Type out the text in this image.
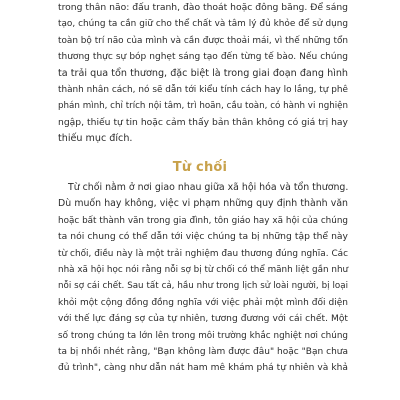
trong thân não: đấu tranh, đào thoát hoặc đông băng. Để sáng
tạo, chúng ta cần giữ cho thể chất và tâm lý đủ khỏe để sử dụng
toàn bộ trí não của mình và cần được thoải mái, vì thế những tổn
thương thực sự bóp nghẹt sáng tạo đến từng tế bào. Nếu chúng
ta trải qua tổn thương, đặc biệt là trong giai đoạn đang hình
thành nhân cách, nó sẽ dẫn tới kiểu tính cách hay lo lắng, tự phê
phán mình, chỉ trích nội tâm, trì hoãn, cầu toàn, có hành vi nghiện
ngập, thiếu tự tin hoặc cảm thấy bản thân không có giá trị hay
thiếu mục đích.
Từ chối
Từ chối nằm ở nơi giao nhau giữa xã hội hóa và tổn thương.
Dù muốn hay không, việc vi phạm những quy định thành văn
hoặc bất thành văn trong gia đình, tôn giáo hay xã hội của chúng
ta nói chung có thể dẫn tới việc chúng ta bị những tập thể này
từ chối, điều này là một trải nghiệm đau thương đúng nghĩa. Các
nhà xã hội học nói rằng nỗi sợ bị từ chối có thể mãnh liệt gần như
nỗi sợ cái chết. Sau tất cả, hầu như trong lịch sử loài người, bị loại
khỏi một cộng đồng đồng nghĩa với việc phải một mình đối diện
với thế lực đáng sợ của tự nhiên, tương đương với cái chết. Một
số trong chúng ta lớn lên trong môi trường khắc nghiệt nơi chúng
ta bị nhồi nhét rằng, "Bạn không làm được đâu" hoặc "Bạn chưa
đủ trình", càng như dẫn nát ham mê khám phá tự nhiên và khả
